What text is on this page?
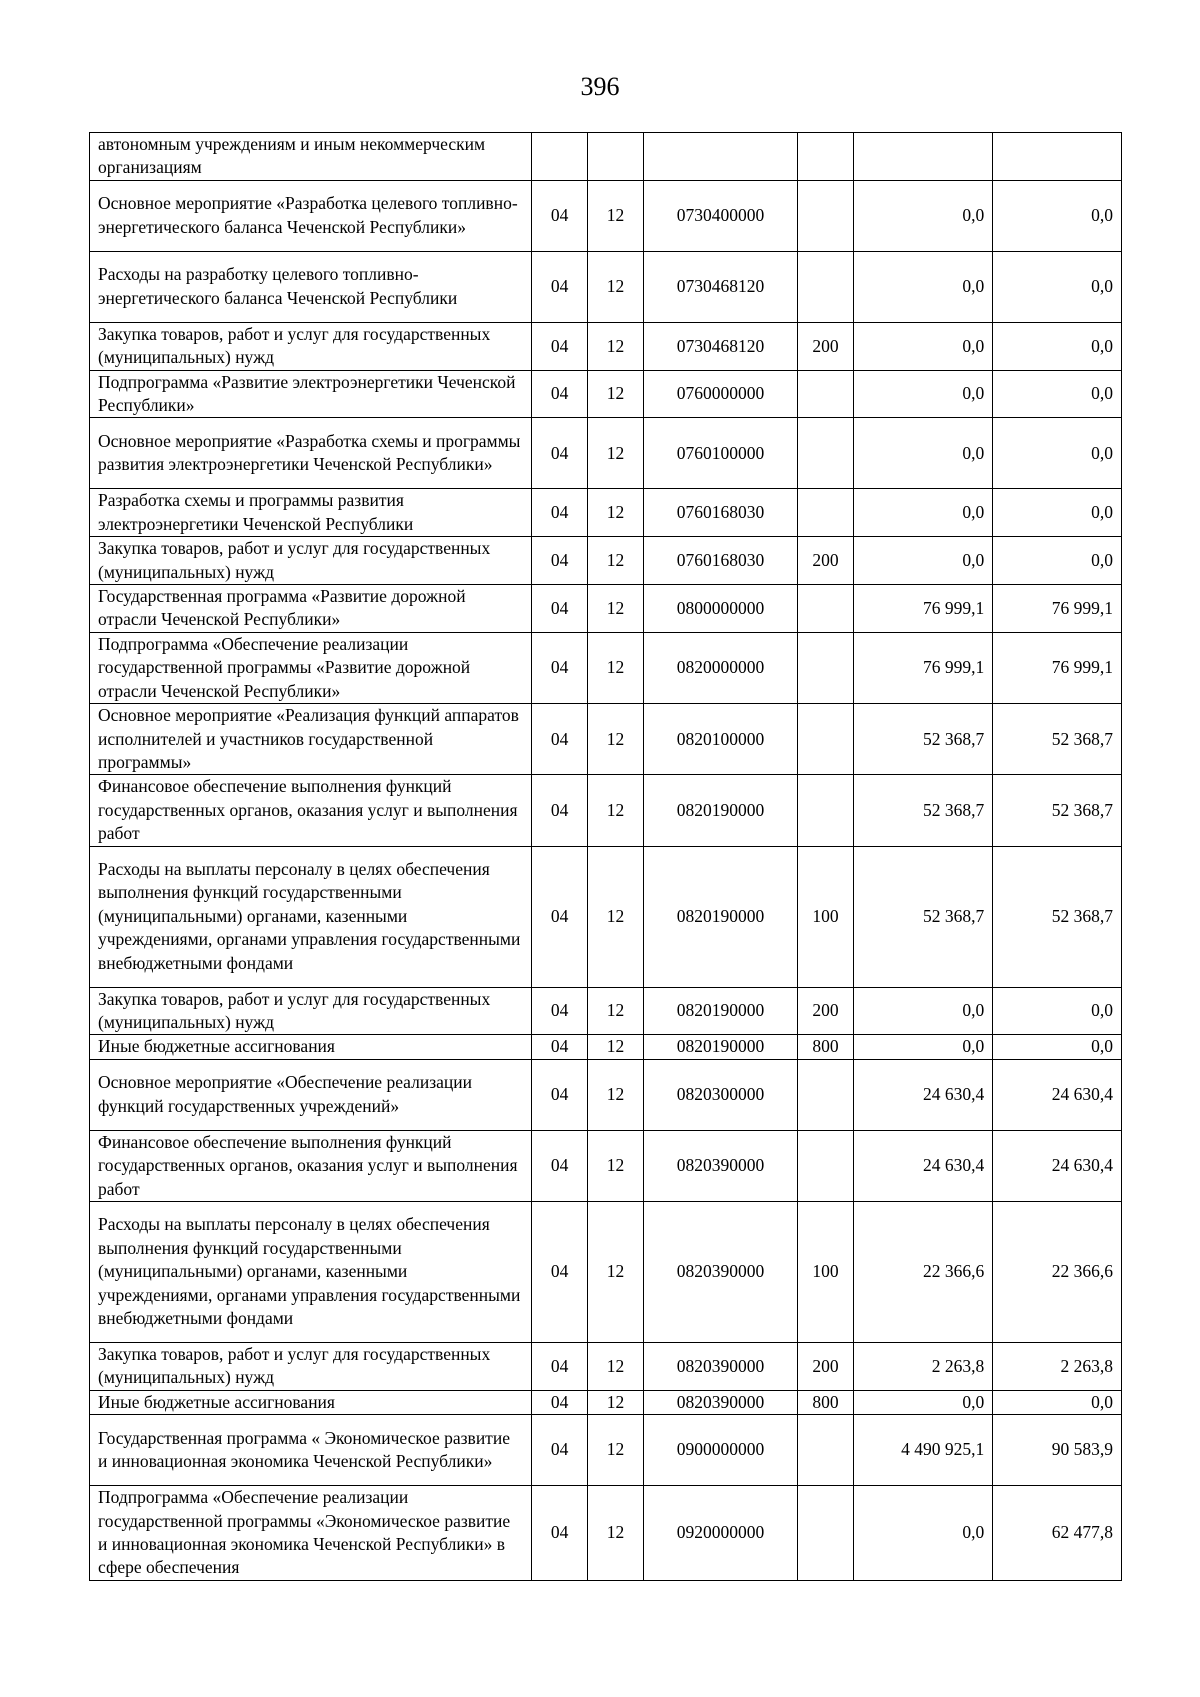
396
автономным учреждениям и иным некоммерческим организациям						
Основное мероприятие «Разработка целевого топливно-энергетического баланса Чеченской Республики»	04	12	0730400000		0,0	0,0
Расходы на разработку целевого топливно-энергетического баланса Чеченской Республики	04	12	0730468120		0,0	0,0
Закупка товаров, работ и услуг для государственных (муниципальных) нужд	04	12	0730468120	200	0,0	0,0
Подпрограмма «Развитие электроэнергетики Чеченской Республики»	04	12	0760000000		0,0	0,0
Основное мероприятие «Разработка схемы и программы развития электроэнергетики Чеченской Республики»	04	12	0760100000		0,0	0,0
Разработка схемы и программы развития электроэнергетики Чеченской Республики	04	12	0760168030		0,0	0,0
Закупка товаров, работ и услуг для государственных (муниципальных) нужд	04	12	0760168030	200	0,0	0,0
Государственная программа «Развитие дорожной отрасли Чеченской Республики»	04	12	0800000000		76 999,1	76 999,1
Подпрограмма «Обеспечение реализации государственной программы «Развитие дорожной отрасли Чеченской Республики»	04	12	0820000000		76 999,1	76 999,1
Основное мероприятие «Реализация функций аппаратов исполнителей и участников государственной программы»	04	12	0820100000		52 368,7	52 368,7
Финансовое обеспечение выполнения функций государственных органов, оказания услуг и выполнения работ	04	12	0820190000		52 368,7	52 368,7
Расходы на выплаты персоналу в целях обеспечения выполнения функций государственными (муниципальными) органами, казенными учреждениями, органами управления государственными внебюджетными фондами	04	12	0820190000	100	52 368,7	52 368,7
Закупка товаров, работ и услуг для государственных (муниципальных) нужд	04	12	0820190000	200	0,0	0,0
Иные бюджетные ассигнования	04	12	0820190000	800	0,0	0,0
Основное мероприятие «Обеспечение реализации функций государственных учреждений»	04	12	0820300000		24 630,4	24 630,4
Финансовое обеспечение выполнения функций государственных органов, оказания услуг и выполнения работ	04	12	0820390000		24 630,4	24 630,4
Расходы на выплаты персоналу в целях обеспечения выполнения функций государственными (муниципальными) органами, казенными учреждениями, органами управления государственными внебюджетными фондами	04	12	0820390000	100	22 366,6	22 366,6
Закупка товаров, работ и услуг для государственных (муниципальных) нужд	04	12	0820390000	200	2 263,8	2 263,8
Иные бюджетные ассигнования	04	12	0820390000	800	0,0	0,0
Государственная программа « Экономическое развитие и инновационная экономика Чеченской Республики»	04	12	0900000000		4 490 925,1	90 583,9
Подпрограмма «Обеспечение реализации государственной программы «Экономическое развитие и инновационная экономика Чеченской Республики» в сфере обеспечения	04	12	0920000000		0,0	62 477,8
